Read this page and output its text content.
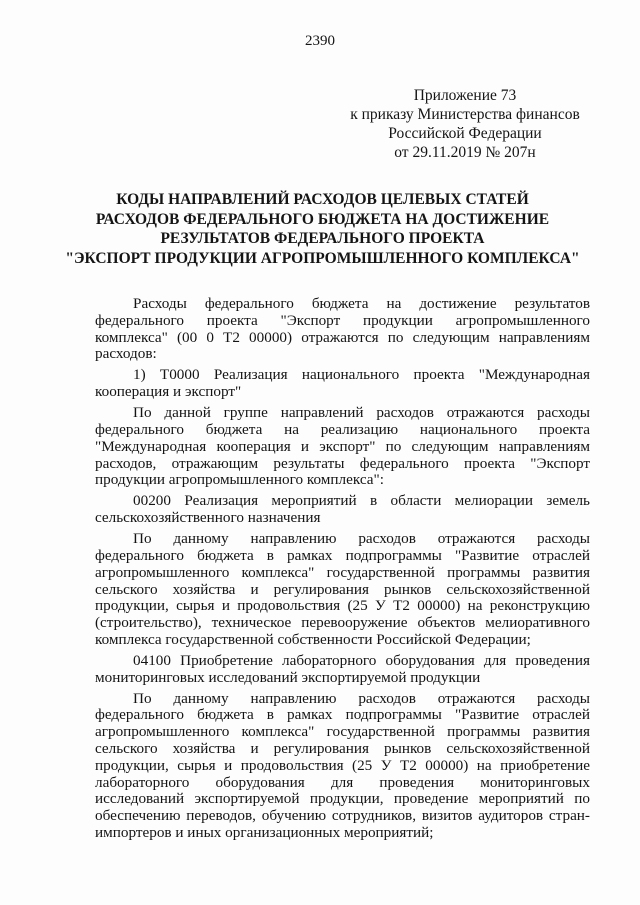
2390
Приложение 73
к приказу Министерства финансов
Российской Федерации
от 29.11.2019 № 207н
КОДЫ НАПРАВЛЕНИЙ РАСХОДОВ ЦЕЛЕВЫХ СТАТЕЙ
РАСХОДОВ ФЕДЕРАЛЬНОГО БЮДЖЕТА НА ДОСТИЖЕНИЕ
РЕЗУЛЬТАТОВ ФЕДЕРАЛЬНОГО ПРОЕКТА
"ЭКСПОРТ ПРОДУКЦИИ АГРОПРОМЫШЛЕННОГО КОМПЛЕКСА"

Расходы федерального бюджета на достижение результатов федерального проекта "Экспорт продукции агропромышленного комплекса" (00 0 Т2 00000) отражаются по следующим направлениям расходов:

1) Т0000 Реализация национального проекта "Международная кооперация и экспорт"

По данной группе направлений расходов отражаются расходы федерального бюджета на реализацию национального проекта "Международная кооперация и экспорт" по следующим направлениям расходов, отражающим результаты федерального проекта "Экспорт продукции агропромышленного комплекса":

00200 Реализация мероприятий в области мелиорации земель сельскохозяйственного назначения

По данному направлению расходов отражаются расходы федерального бюджета в рамках подпрограммы "Развитие отраслей агропромышленного комплекса" государственной программы развития сельского хозяйства и регулирования рынков сельскохозяйственной продукции, сырья и продовольствия (25 У Т2 00000) на реконструкцию (строительство), техническое перевооружение объектов мелиоративного комплекса государственной собственности Российской Федерации;

04100 Приобретение лабораторного оборудования для проведения мониторинговых исследований экспортируемой продукции

По данному направлению расходов отражаются расходы федерального бюджета в рамках подпрограммы "Развитие отраслей агропромышленного комплекса" государственной программы развития сельского хозяйства и регулирования рынков сельскохозяйственной продукции, сырья и продовольствия (25 У Т2 00000) на приобретение лабораторного оборудования для проведения мониторинговых исследований экспортируемой продукции, проведение мероприятий по обеспечению переводов, обучению сотрудников, визитов аудиторов стран-импортеров и иных организационных мероприятий;
